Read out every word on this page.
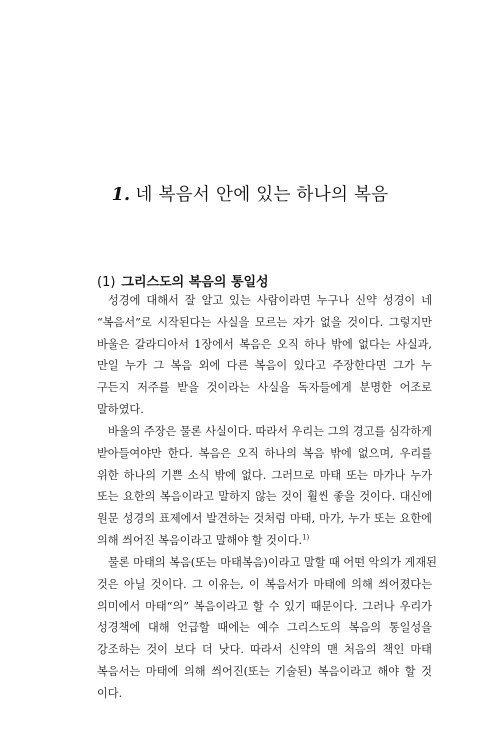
1. 네 복음서 안에 있는 하나의 복음
(1) 그리스도의 복음의 통일성
성경에 대해서 잘 알고 있는 사람이라면 누구나 신약 성경이 네
“복음서”로 시작된다는 사실을 모르는 자가 없을 것이다. 그렇지만
바울은 갈라디아서 1장에서 복음은 오직 하나 밖에 없다는 사실과,
만일 누가 그 복음 외에 다른 복음이 있다고 주장한다면 그가 누
구든지 저주를 받을 것이라는 사실을 독자들에게 분명한 어조로
말하였다.
바울의 주장은 물론 사실이다. 따라서 우리는 그의 경고를 심각하게
받아들여야만 한다. 복음은 오직 하나의 복음 밖에 없으며, 우리를
위한 하나의 기쁜 소식 밖에 없다. 그러므로 마태 또는 마가나 누가
또는 요한의 복음이라고 말하지 않는 것이 훨씬 좋을 것이다. 대신에
원문 성경의 표제에서 발견하는 것처럼 마태, 마가, 누가 또는 요한에
의해 씌어진 복음이라고 말해야 할 것이다.$^{1)}$
물론 마태의 복음(또는 마태복음)이라고 말할 때 어떤 악의가 게재된
것은 아닐 것이다. 그 이유는, 이 복음서가 마태에 의해 씌어졌다는
의미에서 마태“의” 복음이라고 할 수 있기 때문이다. 그러나 우리가
성경책에 대해 언급할 때에는 예수 그리스도의 복음의 통일성을
강조하는 것이 보다 더 낫다. 따라서 신약의 맨 처음의 책인 마태
복음서는 마태에 의해 씌어진(또는 기술된) 복음이라고 해야 할 것
이다.
